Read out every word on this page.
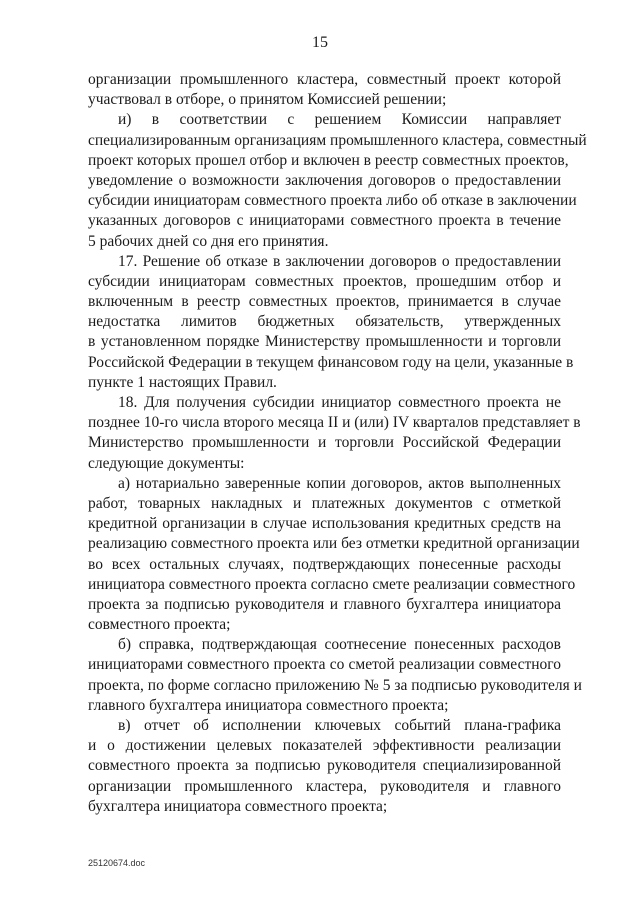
15
организации промышленного кластера, совместный проект которой
участвовал в отборе, о принятом Комиссией решении;
и) в соответствии с решением Комиссии направляет
специализированным организациям промышленного кластера, совместный
проект которых прошел отбор и включен в реестр совместных проектов,
уведомление о возможности заключения договоров о предоставлении
субсидии инициаторам совместного проекта либо об отказе в заключении
указанных договоров с инициаторами совместного проекта в течение
5 рабочих дней со дня его принятия.
17. Решение об отказе в заключении договоров о предоставлении
субсидии инициаторам совместных проектов, прошедшим отбор и
включенным в реестр совместных проектов, принимается в случае
недостатка лимитов бюджетных обязательств, утвержденных
в установленном порядке Министерству промышленности и торговли
Российской Федерации в текущем финансовом году на цели, указанные в
пункте 1 настоящих Правил.
18. Для получения субсидии инициатор совместного проекта не
позднее 10-го числа второго месяца II и (или) IV кварталов представляет в
Министерство промышленности и торговли Российской Федерации
следующие документы:
а) нотариально заверенные копии договоров, актов выполненных
работ, товарных накладных и платежных документов с отметкой
кредитной организации в случае использования кредитных средств на
реализацию совместного проекта или без отметки кредитной организации
во всех остальных случаях, подтверждающих понесенные расходы
инициатора совместного проекта согласно смете реализации совместного
проекта за подписью руководителя и главного бухгалтера инициатора
совместного проекта;
б) справка, подтверждающая соотнесение понесенных расходов
инициаторами совместного проекта со сметой реализации совместного
проекта, по форме согласно приложению № 5 за подписью руководителя и
главного бухгалтера инициатора совместного проекта;
в) отчет об исполнении ключевых событий плана-графика
и о достижении целевых показателей эффективности реализации
совместного проекта за подписью руководителя специализированной
организации промышленного кластера, руководителя и главного
бухгалтера инициатора совместного проекта;
25120674.doc
